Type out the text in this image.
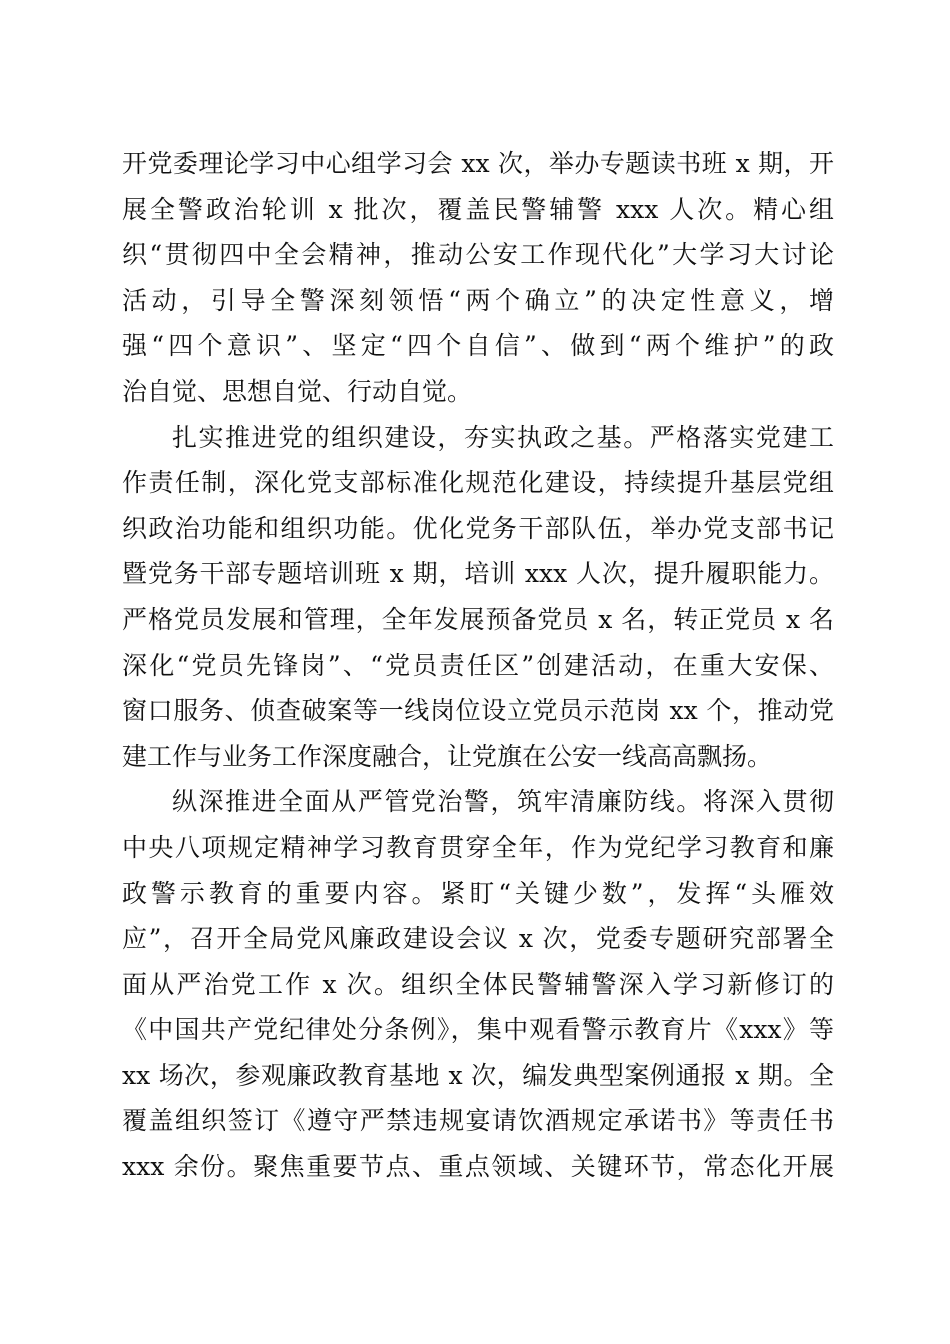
开党委理论学习中心组学习会 xx 次，举办专题读书班 x 期，开
展全警政治轮训 x 批次，覆盖民警辅警 xxx 人次。精心组
织“贯彻四中全会精神，推动公安工作现代化”大学习大讨论
活动，引导全警深刻领悟“两个确立”的决定性意义，增
强“四个意识”、坚定“四个自信”、做到“两个维护”的政
治自觉、思想自觉、行动自觉。
扎实推进党的组织建设，夯实执政之基。严格落实党建工
作责任制，深化党支部标准化规范化建设，持续提升基层党组
织政治功能和组织功能。优化党务干部队伍，举办党支部书记
暨党务干部专题培训班 x 期，培训 xxx 人次，提升履职能力。
严格党员发展和管理，全年发展预备党员 x 名，转正党员 x 名
深化“党员先锋岗”、“党员责任区”创建活动，在重大安保、
窗口服务、侦查破案等一线岗位设立党员示范岗 xx 个，推动党
建工作与业务工作深度融合，让党旗在公安一线高高飘扬。
纵深推进全面从严管党治警，筑牢清廉防线。将深入贯彻
中央八项规定精神学习教育贯穿全年，作为党纪学习教育和廉
政警示教育的重要内容。紧盯“关键少数”，发挥“头雁效
应”，召开全局党风廉政建设会议 x 次，党委专题研究部署全
面从严治党工作 x 次。组织全体民警辅警深入学习新修订的
《中国共产党纪律处分条例》，集中观看警示教育片《xxx》等
xx 场次，参观廉政教育基地 x 次，编发典型案例通报 x 期。全
覆盖组织签订《遵守严禁违规宴请饮酒规定承诺书》等责任书
xxx 余份。聚焦重要节点、重点领域、关键环节，常态化开展
